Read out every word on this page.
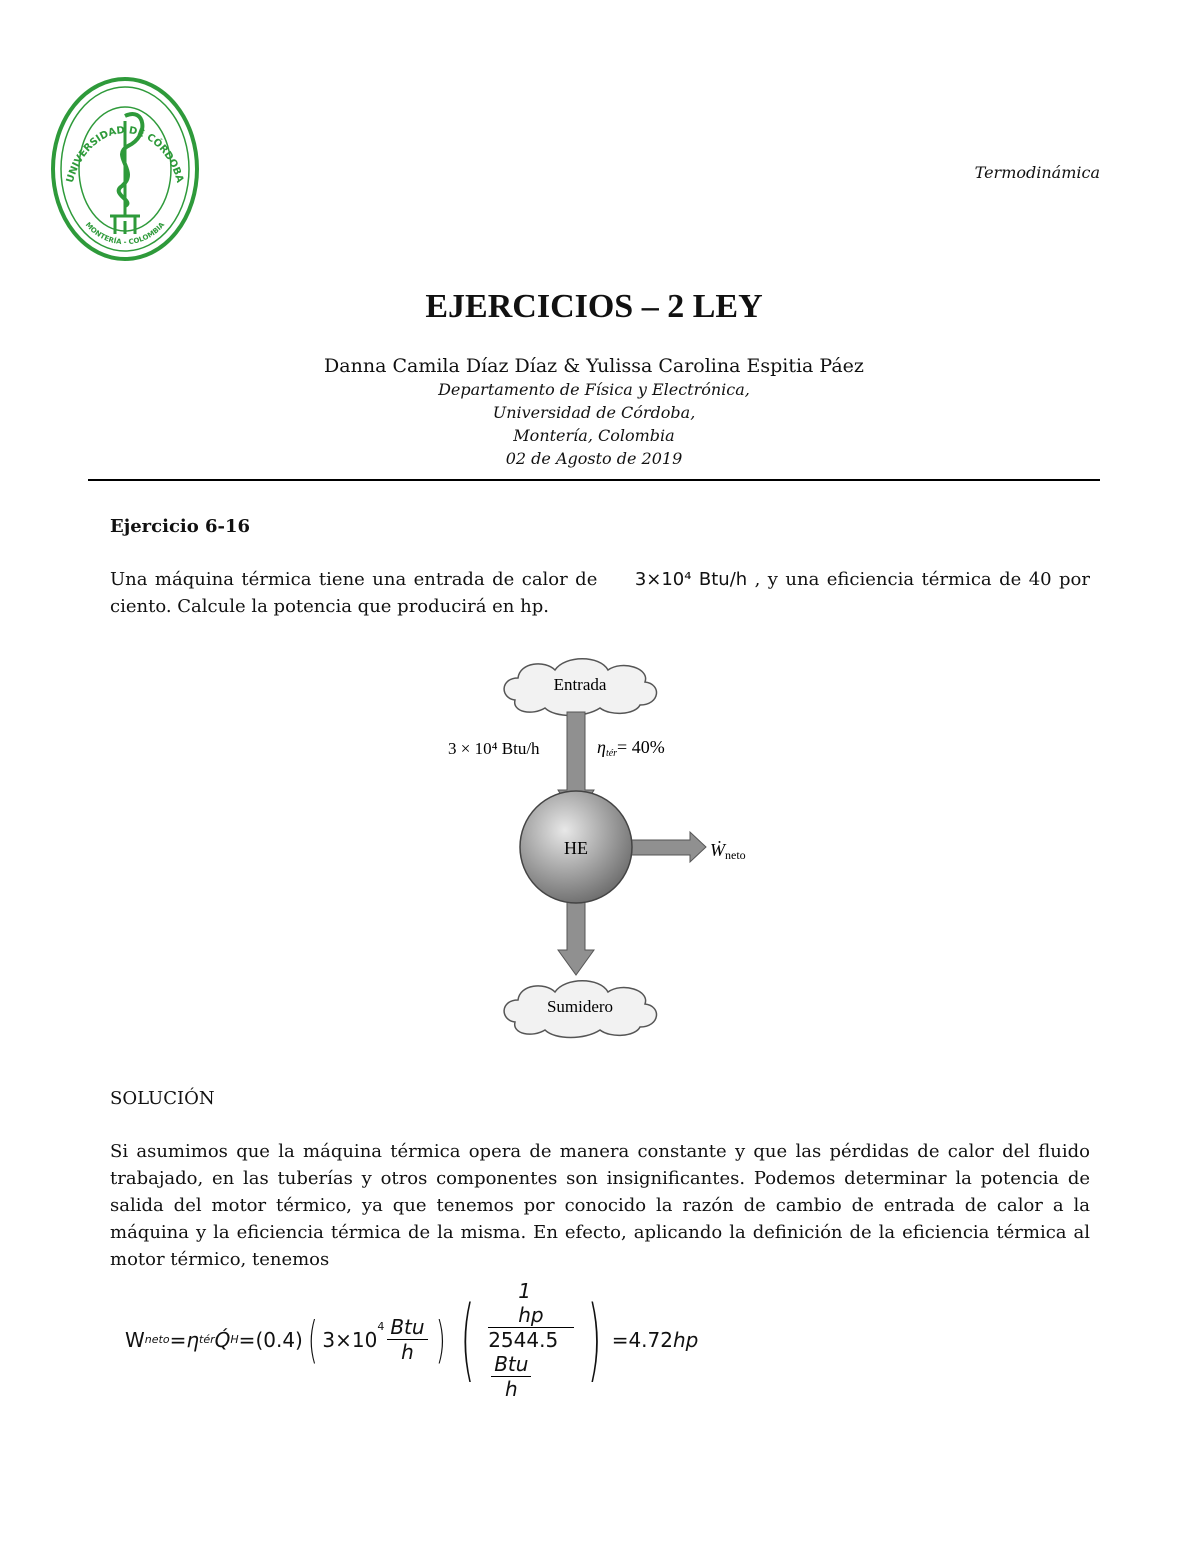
UNIVERSIDAD DE CÓRDOBA
MONTERÍA - COLOMBIA
Termodinámica
EJERCICIOS – 2 LEY
Danna Camila Díaz Díaz & Yulissa Carolina Espitia Páez
Departamento de Física y Electrónica,
Universidad de Córdoba,
Montería, Colombia
02 de Agosto de 2019
Ejercicio 6-16
Una máquina térmica tiene una entrada de calor de 3×10⁴ Btu/h , y una eficiencia térmica de 40 por ciento. Calcule la potencia que producirá en hp.
Entrada
3 × 10⁴ Btu/h	ηtér= 40%
HE	Ẇneto
Sumidero
SOLUCIÓN
Si asumimos que la máquina térmica opera de manera constante y que las pérdidas de calor del fluido trabajado, en las tuberías y otros componentes son insignificantes. Podemos determinar la potencia de salida del motor térmico, ya que tenemos por conocido la razón de cambio de entrada de calor a la máquina y la eficiencia térmica de la misma. En efecto, aplicando la definición de la eficiencia térmica al motor térmico, tenemos
W neto = η tér Q́ H = (0.4) ( 3×10
$^4 \frac{\text{Btu}}{h}$ ) ( 1 hp
2544.5
$\frac{\text{Btu}}{h}$ ) =4.72 hp
